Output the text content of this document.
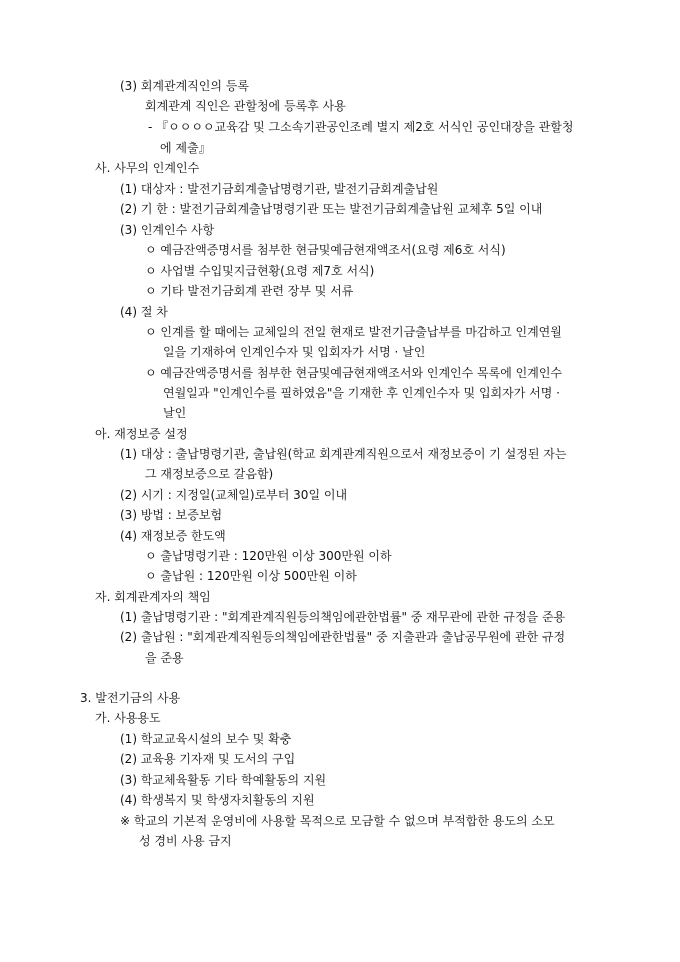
(3) 회계관계직인의 등록
회계관계 직인은 관할청에 등록후 사용
- 『ㅇㅇㅇㅇ교육감 및 그소속기관공인조례 별지 제2호 서식인 공인대장을 관할청
에 제출』
사. 사무의 인계인수
(1) 대상자 : 발전기금회계출납명령기관, 발전기금회계출납원
(2) 기 한 : 발전기금회계출납명령기관 또는 발전기금회계출납원 교체후 5일 이내
(3) 인계인수 사항
ㅇ 예금잔액증명서를 첨부한 현금및예금현재액조서(요령 제6호 서식)
ㅇ 사업별 수입및지급현황(요령 제7호 서식)
ㅇ 기타 발전기금회계 관련 장부 및 서류
(4) 절 차
ㅇ 인계를 할 때에는 교체일의 전일 현재로 발전기금출납부를 마감하고 인계연월
일을 기재하여 인계인수자 및 입회자가 서명 · 날인
ㅇ 예금잔액증명서를 첨부한 현금및예금현재액조서와 인계인수 목록에 인계인수
연월일과 "인계인수를 필하였음"을 기재한 후 인계인수자 및 입회자가 서명 ·
날인
아. 재정보증 설정
(1) 대상 : 출납명령기관, 출납원(학교 회계관계직원으로서 재정보증이 기 설정된 자는
그 재정보증으로 갈음함)
(2) 시기 : 지정일(교체일)로부터 30일 이내
(3) 방법 : 보증보험
(4) 재정보증 한도액
ㅇ 출납명령기관 : 120만원 이상 300만원 이하
ㅇ 출납원 : 120만원 이상 500만원 이하
자. 회계관계자의 책임
(1) 출납명령기관 : "회계관계직원등의책임에관한법률" 중 재무관에 관한 규정을 준용
(2) 출납원 : "회계관계직원등의책임에관한법률" 중 지출관과 출납공무원에 관한 규정
을 준용
3. 발전기금의 사용
가. 사용용도
(1) 학교교육시설의 보수 및 확충
(2) 교육용 기자재 및 도서의 구입
(3) 학교체육활동 기타 학예활동의 지원
(4) 학생복지 및 학생자치활동의 지원
※ 학교의 기본적 운영비에 사용할 목적으로 모금할 수 없으며 부적합한 용도의 소모
성 경비 사용 금지
